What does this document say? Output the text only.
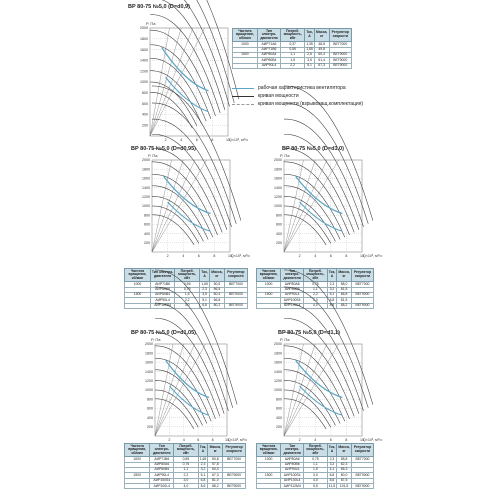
ВР 80-75 №5,0 (D=d0,9)
200
400
600
800
1000
1200
1400
1600
1800
2000
2	4	6	8	10
P, Па
Q×10³, м³/ч
Частота вращения, об/мин	Тип электро-двигателя	Потреб. мощность, кВт	Ток, А	Масса, кг	Регулятор скорости
1000	АИР71А6	0,37	1,35	48,8	ВЕГ7000
	АИР71В6	0,55	1,65	49,8	
1500	АИР80А4	1,1	2,6	60,4	ВЕГ9000
	АИР80В4	1,5	3,5	61,4	ВЕГ9000
	АИР90L4	2,2	5,1	67,3	ВЕГ9000
рабочая характеристика вентилятора
кривая мощности
кривая мощности (взрывозащ.комплектация)
ВР 80-75 №5,0 (D=d0,95)
200
400
600
800
1000
1200
1400
1600
1800
2000
2	4	6	8	10
P, Па
Q×10³, м³/ч
Частота вращения, об/мин	Тип электро-двигателя	Потреб. мощность, кВт	Ток, А	Масса, кг	Регулятор скорости
1000	АИР71В6	0,55	1,65	50,5	ВЕГ7000
	АИР80А6	0,75	2,3	56,5	
1500	АИР80В4	1,5	3,5	60,4	ВЕГ9000
	АИР90L4	2,2	5,1	66,8	
	АИР100S4	3,0	6,8	80,2	ВЕГ9000
ВР 80-75 №5,0 (D=d1,0)
200
400
600
800
1000
1200
1400
1600
1800
2000
2	4	6	8	10
P, Па
Q×10³, м³/ч
Частота вращения, об/мин	Тип электро-двигателя	Потреб. мощность, кВт	Ток, А	Масса, кг	Регулятор скорости
1000	АИР80А6	0,75	2,3	58,0	ВЕГ7000
	АИР80В6	1,1	3,2	61,5	
1500	АИР90L4	2,2	5,1	66,8	ВЕГ9000
	АИР100S4	3,0	6,8	81,5	
	АИР100L4	4,0	8,6	88,2	ВЕГ9000
ВР 80-75 №5,0 (D=d1,05)
200
400
600
800
1000
1200
1400
1600
1800
2000
2	4	6	8	10
P, Па
Q×10³, м³/ч
Частота вращения, об/мин	Тип электро-двигателя	Потреб. мощность, кВт	Ток, А	Масса, кг	Регулятор скорости
1000	АИР71В6	0,55	1,65	50,8	ВЕГ7000
	АИР80А6	0,75	2,3	57,8	
	АИР80В6	1,1	3,2	60,4	
1500	АИР90L4	2,2	5,1	67,3	ВЕГ9000
	АИР100S4	3,0	6,8	81,0	
	АИР100L4	4,0	8,6	88,2	ВЕГ9000
ВР 80-75 №5,0 (D=d1,1)
200
400
600
800
1000
1200
1400
1600
1800
2000
2	4	6	8	10
P, Па
Q×10³, м³/ч
Частота вращения, об/мин	Тип электро-двигателя	Потреб. мощность, кВт	Ток, А	Масса, кг	Регулятор скорости
1000	АИР80А6	0,75	2,3	58,8	ВЕГ7000
	АИР80В6	1,1	3,2	62,3	
	АИР90L6	1,5	4,1	65,3	
1500	АИР100S4	3,0	6,8	80,0	ВЕГ9000
	АИР100L4	4,0	8,6	87,5	
	АИР112М4	5,5	11,5	101,5	ВЕГ9000
